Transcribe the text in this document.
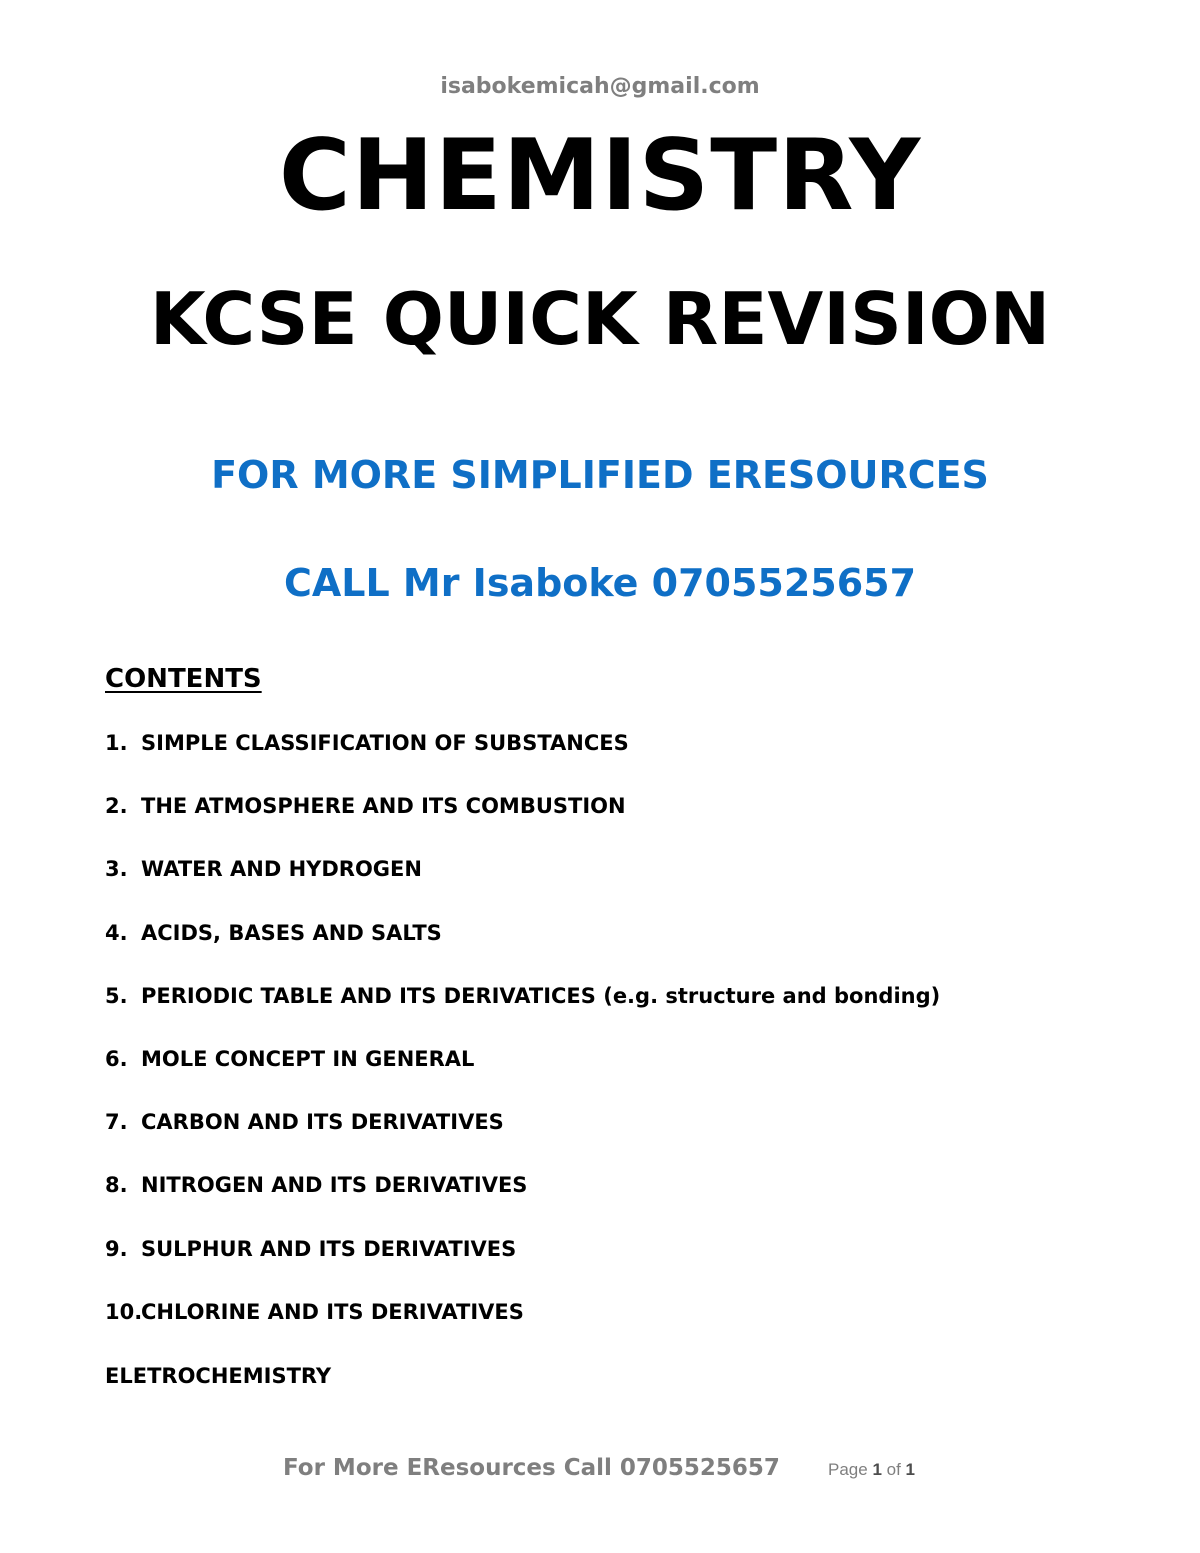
isabokemicah@gmail.com
CHEMISTRY
KCSE QUICK REVISION
FOR MORE SIMPLIFIED ERESOURCES
CALL Mr Isaboke 0705525657
CONTENTS
1. SIMPLE CLASSIFICATION OF SUBSTANCES
2. THE ATMOSPHERE AND ITS COMBUSTION
3. WATER AND HYDROGEN
4. ACIDS, BASES AND SALTS
5. PERIODIC TABLE AND ITS DERIVATICES (e.g. structure and bonding)
6. MOLE CONCEPT IN GENERAL
7. CARBON AND ITS DERIVATIVES
8. NITROGEN AND ITS DERIVATIVES
9. SULPHUR AND ITS DERIVATIVES
10.
CHLORINE AND ITS DERIVATIVES
ELETROCHEMISTRY
For More EResources Call 0705525657	Page 1 of 1
